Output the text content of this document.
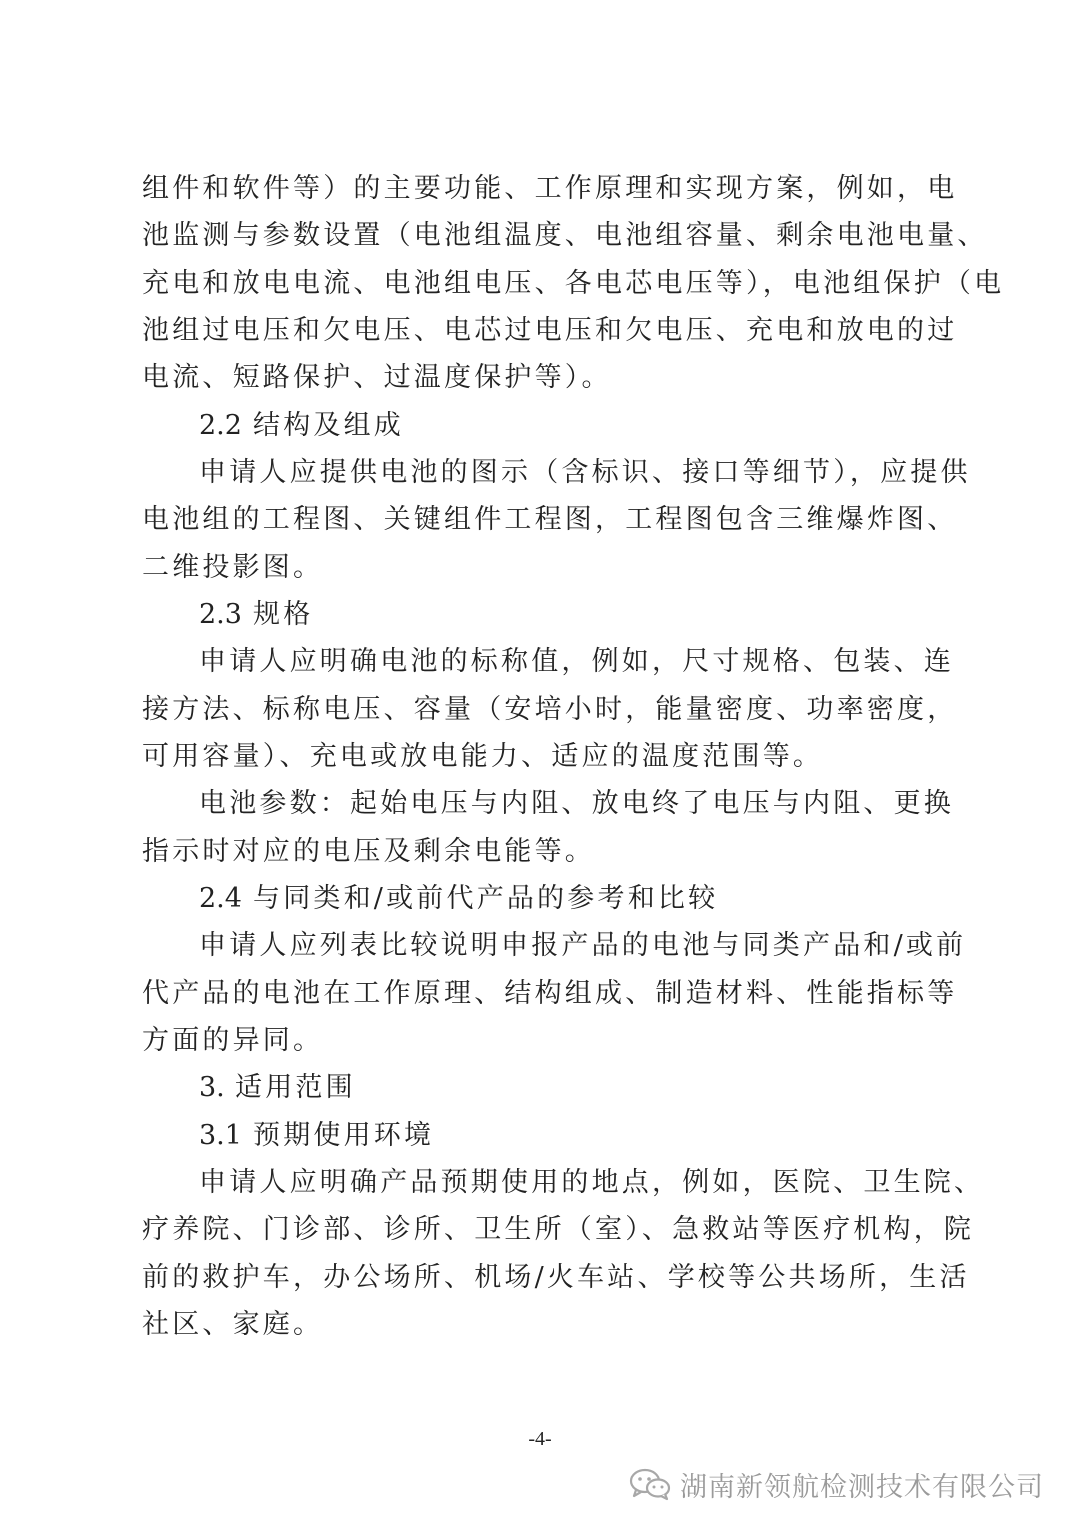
组件和软件等）的主要功能、工作原理和实现方案，例如，电
池监测与参数设置（电池组温度、电池组容量、剩余电池电量、
充电和放电电流、电池组电压、各电芯电压等），电池组保护（电
池组过电压和欠电压、电芯过电压和欠电压、充电和放电的过
电流、短路保护、过温度保护等）。
2.2 结构及组成
申请人应提供电池的图示（含标识、接口等细节），应提供
电池组的工程图、关键组件工程图，工程图包含三维爆炸图、
二维投影图。
2.3 规格
申请人应明确电池的标称值，例如，尺寸规格、包装、连
接方法、标称电压、容量（安培小时，能量密度、功率密度，
可用容量）、充电或放电能力、适应的温度范围等。
电池参数：起始电压与内阻、放电终了电压与内阻、更换
指示时对应的电压及剩余电能等。
2.4 与同类和/或前代产品的参考和比较
申请人应列表比较说明申报产品的电池与同类产品和/或前
代产品的电池在工作原理、结构组成、制造材料、性能指标等
方面的异同。
3. 适用范围
3.1 预期使用环境
申请人应明确产品预期使用的地点，例如，医院、卫生院、
疗养院、门诊部、诊所、卫生所（室）、急救站等医疗机构，院
前的救护车，办公场所、机场/火车站、学校等公共场所，生活
社区、家庭。
-4-
湖南新领航检测技术有限公司
